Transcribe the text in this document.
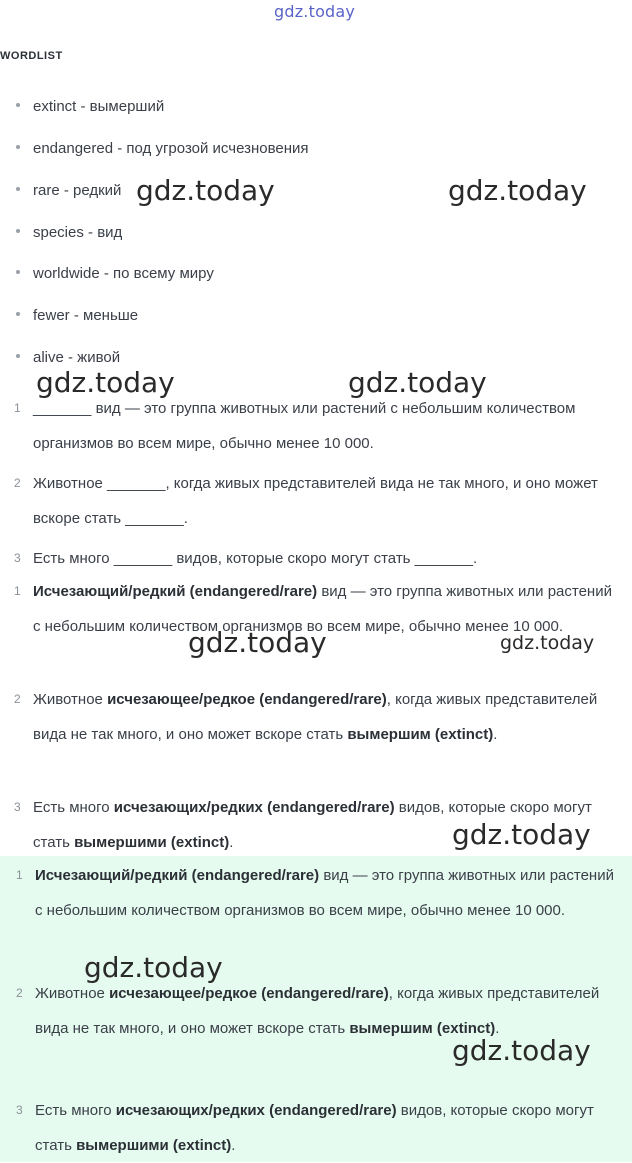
gdz.today
WORDLIST
extinct - вымерший
endangered - под угрозой исчезновения
rare - редкий
species - вид
worldwide - по всему миру
fewer - меньше
alive - живой
1 _______ вид — это группа животных или растений с небольшим количеством организмов во всем мире, обычно менее 10 000.
2 Животное _______, когда живых представителей вида не так много, и оно может вскоре стать _______.
3 Есть много _______ видов, которые скоро могут стать _______.
1 Исчезающий/редкий (endangered/rare) вид — это группа животных или растений с небольшим количеством организмов во всем мире, обычно менее 10 000.
2 Животное исчезающее/редкое (endangered/rare), когда живых представителей вида не так много, и оно может вскоре стать вымершим (extinct).
3 Есть много исчезающих/редких (endangered/rare) видов, которые скоро могут стать вымершими (extinct).
1 Исчезающий/редкий (endangered/rare) вид — это группа животных или растений с небольшим количеством организмов во всем мире, обычно менее 10 000.
2 Животное исчезающее/редкое (endangered/rare), когда живых представителей вида не так много, и оно может вскоре стать вымершим (extinct).
3 Есть много исчезающих/редких (endangered/rare) видов, которые скоро могут стать вымершими (extinct).
gdz.today	gdz.today
gdz.today	gdz.today
gdz.today	gdz.today
gdz.today
gdz.today
gdz.today
